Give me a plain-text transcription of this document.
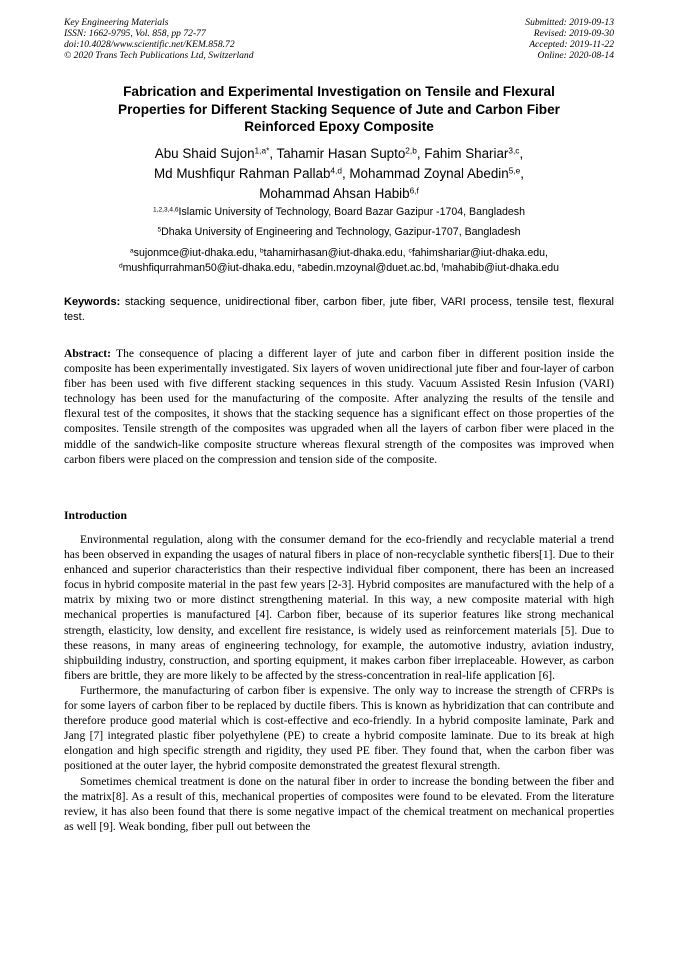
Key Engineering Materials
ISSN: 1662-9795, Vol. 858, pp 72-77
doi:10.4028/www.scientific.net/KEM.858.72
© 2020 Trans Tech Publications Ltd, Switzerland
Submitted: 2019-09-13
Revised: 2019-09-30
Accepted: 2019-11-22
Online: 2020-08-14
Fabrication and Experimental Investigation on Tensile and Flexural
Properties for Different Stacking Sequence of Jute and Carbon Fiber
Reinforced Epoxy Composite
Abu Shaid Sujon$^{1,a*}$, Tahamir Hasan Supto$^{2,b}$, Fahim Shariar$^{3,c}$,
Md Mushfiqur Rahman Pallab$^{4,d}$, Mohammad Zoynal Abedin$^{5,e}$,
Mohammad Ahsan Habib$^{6,f}$
$^{1,2,3,4,6}$Islamic University of Technology, Board Bazar Gazipur -1704, Bangladesh
$^5$Dhaka University of Engineering and Technology, Gazipur-1707, Bangladesh
$^a$sujonmce@iut-dhaka.edu, $^b$tahamirhasan@iut-dhaka.edu, $^c$fahimshariar@iut-dhaka.edu,
$^d$mushfiqurrahman50@iut-dhaka.edu, $^e$abedin.mzoynal@duet.ac.bd, $^f$mahabib@iut-dhaka.edu
Keywords: stacking sequence, unidirectional fiber, carbon fiber, jute fiber, VARI process, tensile test, flexural test.
Abstract: The consequence of placing a different layer of jute and carbon fiber in different position inside the composite has been experimentally investigated. Six layers of woven unidirectional jute fiber and four-layer of carbon fiber has been used with five different stacking sequences in this study. Vacuum Assisted Resin Infusion (VARI) technology has been used for the manufacturing of the composite. After analyzing the results of the tensile and flexural test of the composites, it shows that the stacking sequence has a significant effect on those properties of the composites. Tensile strength of the composites was upgraded when all the layers of carbon fiber were placed in the middle of the sandwich-like composite structure whereas flexural strength of the composites was improved when carbon fibers were placed on the compression and tension side of the composite.
Introduction

Environmental regulation, along with the consumer demand for the eco-friendly and recyclable material a trend has been observed in expanding the usages of natural fibers in place of non-recyclable synthetic fibers[1]. Due to their enhanced and superior characteristics than their respective individual fiber component, there has been an increased focus in hybrid composite material in the past few years [2-3]. Hybrid composites are manufactured with the help of a matrix by mixing two or more distinct strengthening material. In this way, a new composite material with high mechanical properties is manufactured [4]. Carbon fiber, because of its superior features like strong mechanical strength, elasticity, low density, and excellent fire resistance, is widely used as reinforcement materials [5]. Due to these reasons, in many areas of engineering technology, for example, the automotive industry, aviation industry, shipbuilding industry, construction, and sporting equipment, it makes carbon fiber irreplaceable. However, as carbon fibers are brittle, they are more likely to be affected by the stress-concentration in real-life application [6].

Furthermore, the manufacturing of carbon fiber is expensive. The only way to increase the strength of CFRPs is for some layers of carbon fiber to be replaced by ductile fibers. This is known as hybridization that can contribute and therefore produce good material which is cost-effective and eco-friendly. In a hybrid composite laminate, Park and Jang [7] integrated plastic fiber polyethylene (PE) to create a hybrid composite laminate. Due to its break at high elongation and high specific strength and rigidity, they used PE fiber. They found that, when the carbon fiber was positioned at the outer layer, the hybrid composite demonstrated the greatest flexural strength.

Sometimes chemical treatment is done on the natural fiber in order to increase the bonding between the fiber and the matrix[8]. As a result of this, mechanical properties of composites were found to be elevated. From the literature review, it has also been found that there is some negative impact of the chemical treatment on mechanical properties as well [9]. Weak bonding, fiber pull out between the
